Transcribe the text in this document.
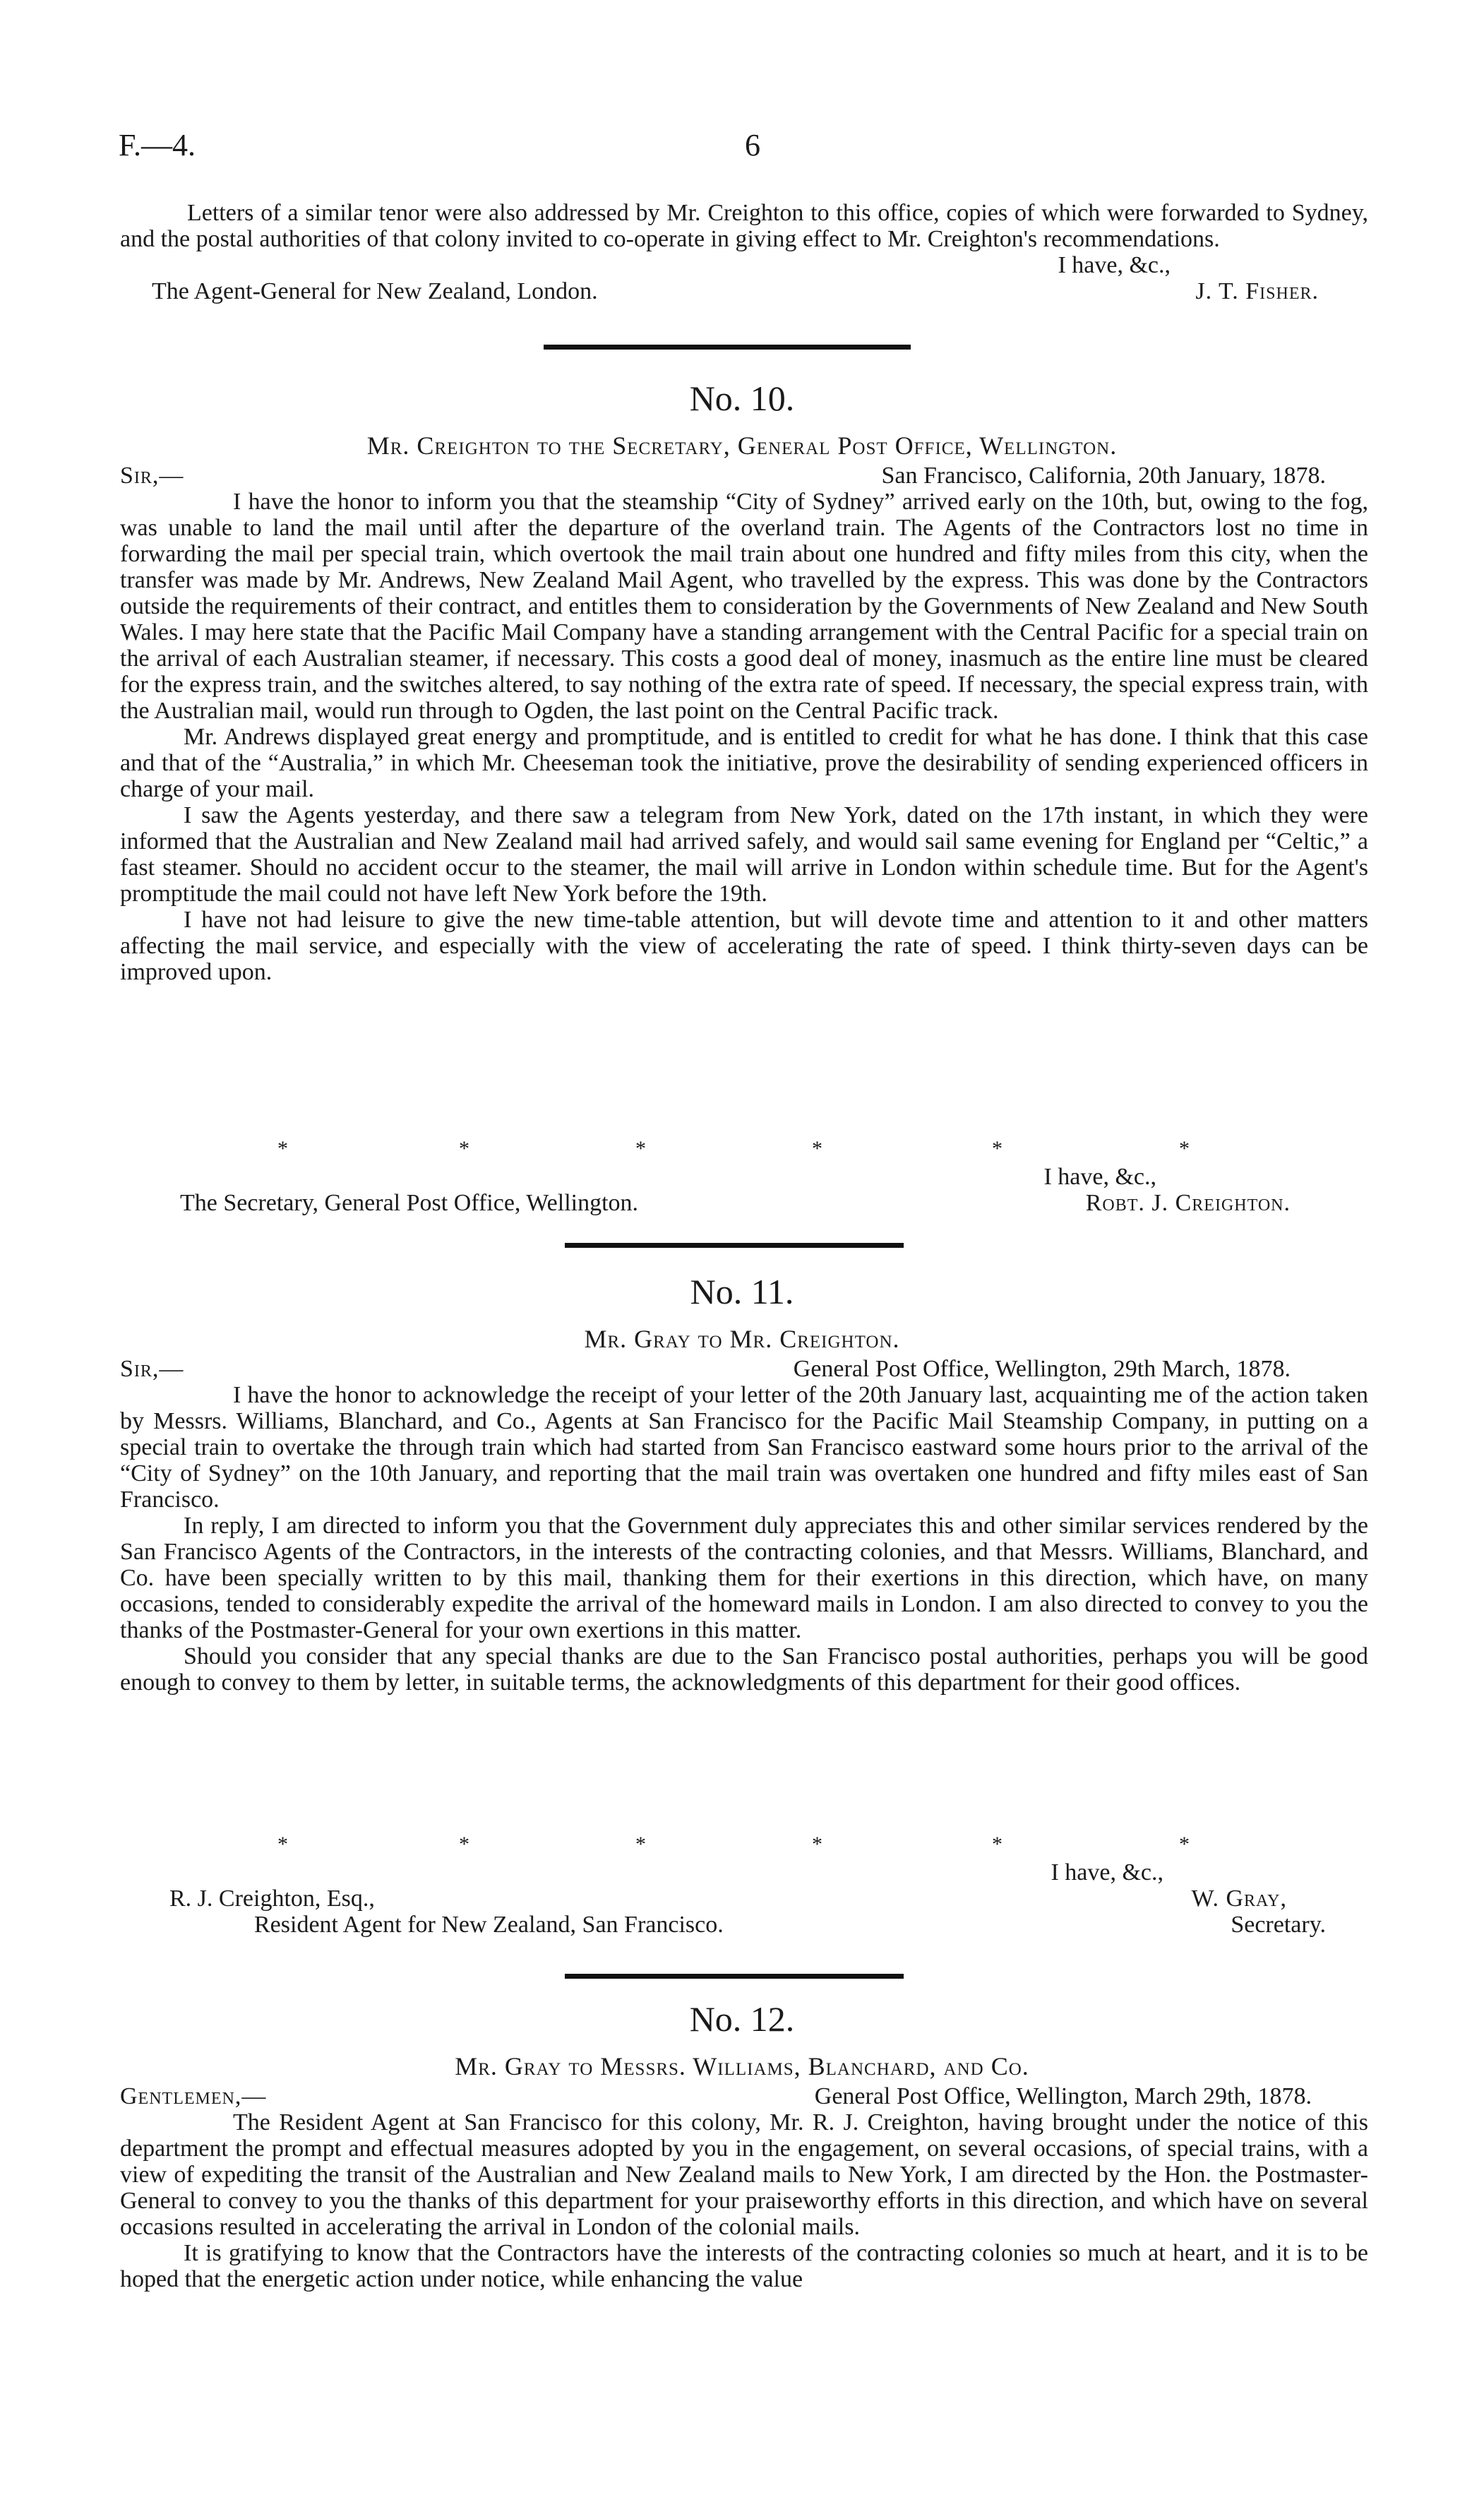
F.—4.	6

Letters of a similar tenor were also addressed by Mr. Creighton to this office, copies of which were forwarded to Sydney, and the postal authorities of that colony invited to co-operate in giving effect to Mr. Creighton's recommendations.

I have, &c.,
The Agent-General for New Zealand, London.	J. T. Fisher.
No. 10.
Mr. Creighton to the Secretary, General Post Office, Wellington.
Sir,—	San Francisco, California, 20th January, 1878.

I have the honor to inform you that the steamship “City of Sydney” arrived early on the 10th, but, owing to the fog, was unable to land the mail until after the departure of the overland train. The Agents of the Contractors lost no time in forwarding the mail per special train, which overtook the mail train about one hundred and fifty miles from this city, when the transfer was made by Mr. Andrews, New Zealand Mail Agent, who travelled by the express. This was done by the Contractors outside the requirements of their contract, and entitles them to consideration by the Governments of New Zealand and New South Wales. I may here state that the Pacific Mail Company have a standing arrangement with the Central Pacific for a special train on the arrival of each Australian steamer, if necessary. This costs a good deal of money, inasmuch as the entire line must be cleared for the express train, and the switches altered, to say nothing of the extra rate of speed. If necessary, the special express train, with the Australian mail, would run through to Ogden, the last point on the Central Pacific track.

Mr. Andrews displayed great energy and promptitude, and is entitled to credit for what he has done. I think that this case and that of the “Australia,” in which Mr. Cheeseman took the initiative, prove the desirability of sending experienced officers in charge of your mail.

I saw the Agents yesterday, and there saw a telegram from New York, dated on the 17th instant, in which they were informed that the Australian and New Zealand mail had arrived safely, and would sail same evening for England per “Celtic,” a fast steamer. Should no accident occur to the steamer, the mail will arrive in London within schedule time. But for the Agent's promptitude the mail could not have left New York before the 19th.

I have not had leisure to give the new time-table attention, but will devote time and attention to it and other matters affecting the mail service, and especially with the view of accelerating the rate of speed. I think thirty-seven days can be improved upon.

*	*	*	*	*	*
I have, &c.,
The Secretary, General Post Office, Wellington.	Robt. J. Creighton.
No. 11.
Mr. Gray to Mr. Creighton.
Sir,—	General Post Office, Wellington, 29th March, 1878.

I have the honor to acknowledge the receipt of your letter of the 20th January last, acquainting me of the action taken by Messrs. Williams, Blanchard, and Co., Agents at San Francisco for the Pacific Mail Steamship Company, in putting on a special train to overtake the through train which had started from San Francisco eastward some hours prior to the arrival of the “City of Sydney” on the 10th January, and reporting that the mail train was overtaken one hundred and fifty miles east of San Francisco.

In reply, I am directed to inform you that the Government duly appreciates this and other similar services rendered by the San Francisco Agents of the Contractors, in the interests of the contracting colonies, and that Messrs. Williams, Blanchard, and Co. have been specially written to by this mail, thanking them for their exertions in this direction, which have, on many occasions, tended to considerably expedite the arrival of the homeward mails in London. I am also directed to convey to you the thanks of the Postmaster-General for your own exertions in this matter.

Should you consider that any special thanks are due to the San Francisco postal authorities, perhaps you will be good enough to convey to them by letter, in suitable terms, the acknowledgments of this department for their good offices.

*	*	*	*	*	*
I have, &c.,
R. J. Creighton, Esq.,	W. Gray,
Resident Agent for New Zealand, San Francisco.	Secretary.
No. 12.
Mr. Gray to Messrs. Williams, Blanchard, and Co.
Gentlemen,—	General Post Office, Wellington, March 29th, 1878.

The Resident Agent at San Francisco for this colony, Mr. R. J. Creighton, having brought under the notice of this department the prompt and effectual measures adopted by you in the engagement, on several occasions, of special trains, with a view of expediting the transit of the Australian and New Zealand mails to New York, I am directed by the Hon. the Postmaster-General to convey to you the thanks of this department for your praiseworthy efforts in this direction, and which have on several occasions resulted in accelerating the arrival in London of the colonial mails.

It is gratifying to know that the Contractors have the interests of the contracting colonies so much at heart, and it is to be hoped that the energetic action under notice, while enhancing the value
